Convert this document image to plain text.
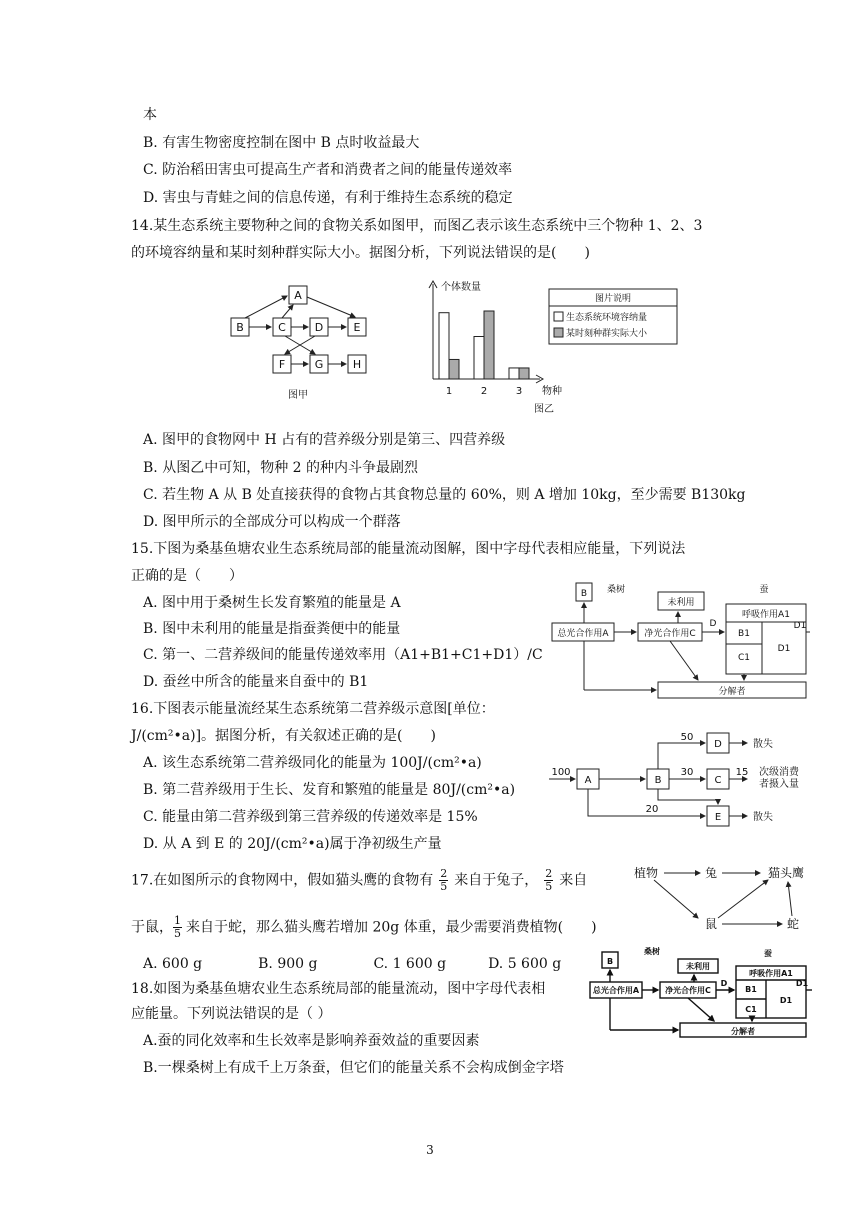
本
B. 有害生物密度控制在图中 B 点时收益最大
C. 防治稻田害虫可提高生产者和消费者之间的能量传递效率
D. 害虫与青蛙之间的信息传递，有利于维持生态系统的稳定
14.某生态系统主要物种之间的食物关系如图甲，而图乙表示该生态系统中三个物种 1、2、3
的环境容纳量和某时刻种群实际大小。据图分析，下列说法错误的是(　　)
A
B	C	D	E
F	G	H
图甲
个体数量
物种
图乙
1	2	3
图片说明
生态系统环境容纳量
某时刻种群实际大小
A. 图甲的食物网中 H 占有的营养级分别是第三、四营养级
B. 从图乙中可知，物种 2 的种内斗争最剧烈
C. 若生物 A 从 B 处直接获得的食物占其食物总量的 60%，则 A 增加 10kg，至少需要 B130kg
D. 图甲所示的全部成分可以构成一个群落
15.下图为桑基鱼塘农业生态系统局部的能量流动图解，图中字母代表相应能量，下列说法
正确的是（　　）
A. 图中用于桑树生长发育繁殖的能量是 A
B. 图中未利用的能量是指蚕粪便中的能量
C. 第一、二营养级间的能量传递效率用（A1+B1+C1+D1）/C
D. 蚕丝中所含的能量来自蚕中的 B1
B 桑树	蚕
未利用
总光合作用A	净光合作用C
D
呼吸作用A1
B1
C1
D1
D1
分解者
16.下图表示能量流经某生态系统第二营养级示意图[单位：
J/(cm²•a)]。据图分析，有关叙述正确的是(　　)
A. 该生态系统第二营养级同化的能量为 100J/(cm²•a)
B. 第二营养级用于生长、发育和繁殖的能量是 80J/(cm²•a)
C. 能量由第二营养级到第三营养级的传递效率是 15%
D. 从 A 到 E 的 20J/(cm²•a)属于净初级生产量
100
50
30	15
20
A	B
D
C
E
散失
次级消费
者摄入量
散失
17.在如图所示的食物网中，假如猫头鹰的食物有 $\frac{2}{5}$ 来自于兔子， $\frac{2}{5}$ 来自
于鼠， $\frac{1}{5}$ 来自于蛇，那么猫头鹰若增加 20g 体重，最少需要消费植物(　　)
A. 600 g　　　　B. 900 g　　　　C. 1 600 g　　　D. 5 600 g
植物	兔	猫头鹰
鼠	蛇
18.如图为桑基鱼塘农业生态系统局部的能量流动，图中字母代表相
应能量。下列说法错误的是（ ）
A.蚕的同化效率和生长效率是影响养蚕效益的重要因素
B.一棵桑树上有成千上万条蚕，但它们的能量关系不会构成倒金字塔
B
桑树	蚕
未利用
总光合作用A	净光合作用C
D
呼吸作用A1
B1
C1
D1
D1
分解者
3
